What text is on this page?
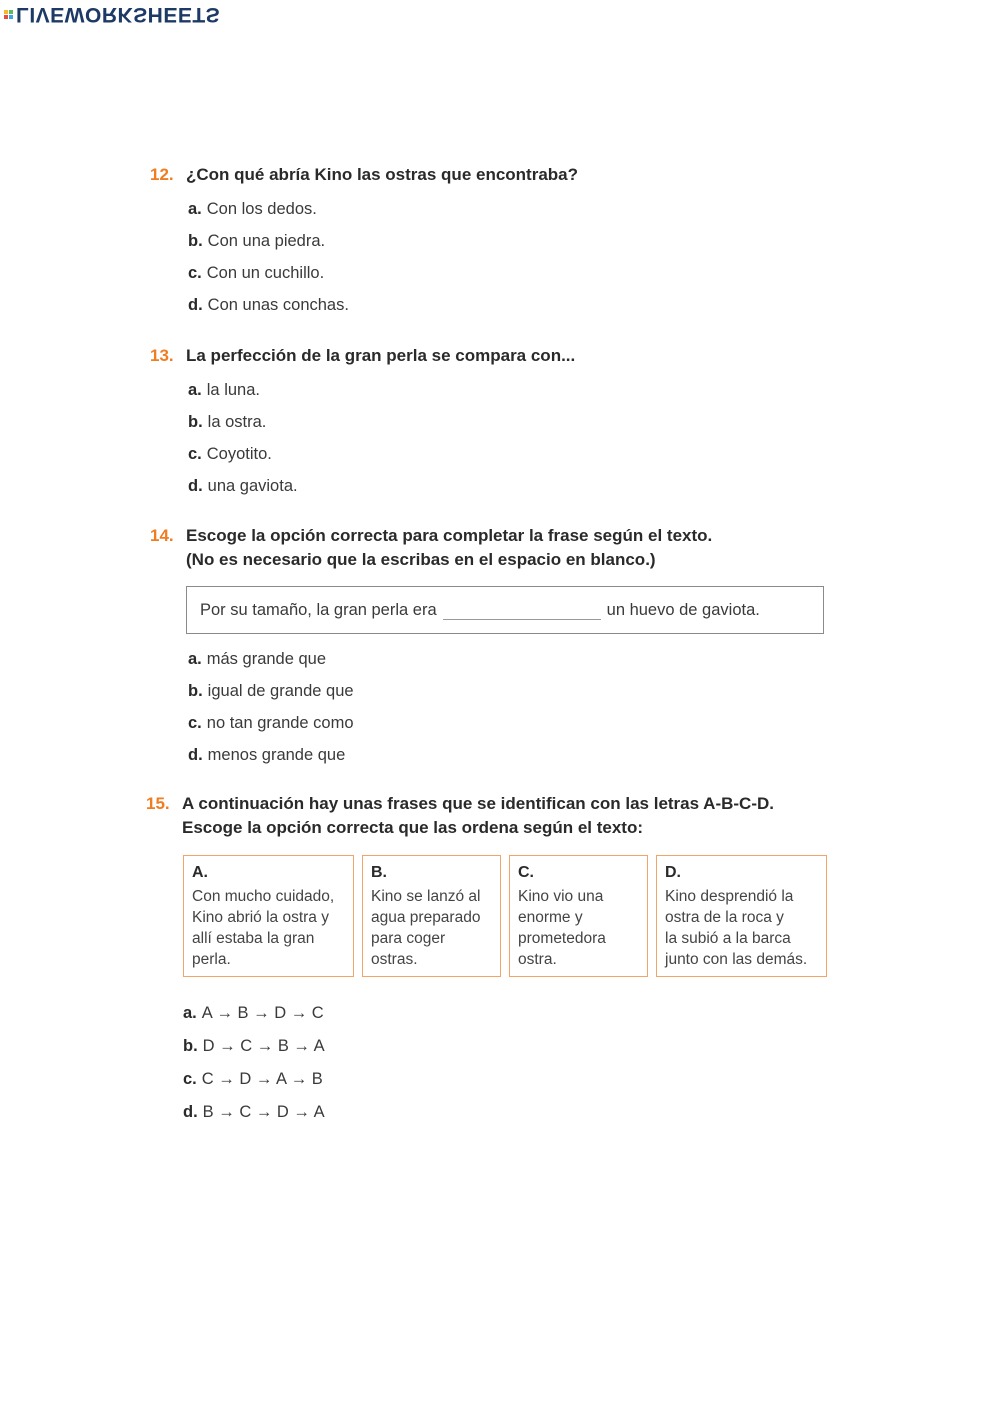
LIVEWORKSHEETS
12. ¿Con qué abría Kino las ostras que encontraba?
a. Con los dedos.
b. Con una piedra.
c. Con un cuchillo.
d. Con unas conchas.
13. La perfección de la gran perla se compara con...
a. la luna.
b. la ostra.
c. Coyotito.
d. una gaviota.
14. Escoge la opción correcta para completar la frase según el texto.
(No es necesario que la escribas en el espacio en blanco.)
Por su tamaño, la gran perla era	un huevo de gaviota.
a. más grande que
b. igual de grande que
c. no tan grande como
d. menos grande que
15. A continuación hay unas frases que se identifican con las letras A-B-C-D.
Escoge la opción correcta que las ordena según el texto:
A.
Con mucho cuidado,
Kino abrió la ostra y
allí estaba la gran
perla.
B.
Kino se lanzó al
agua preparado
para coger
ostras.
C.
Kino vio una
enorme y
prometedora
ostra.
D.
Kino desprendió la
ostra de la roca y
la subió a la barca
junto con las demás.
a. A → B → D → C
b. D → C → B → A
c. C → D → A → B
d. B → C → D → A
